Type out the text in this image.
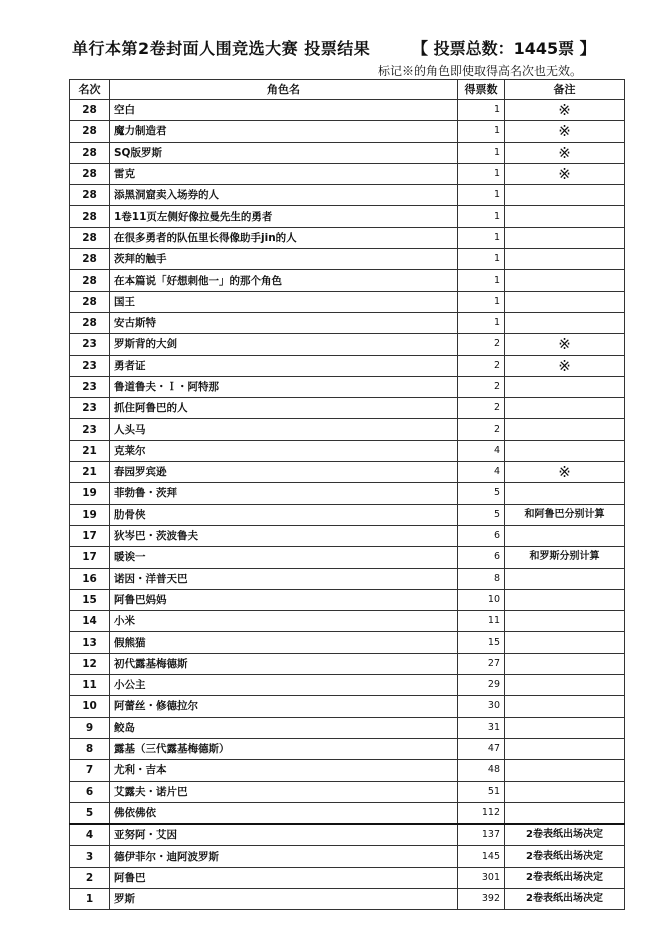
单行本第2卷封面人围竞选大赛 投票结果	【 投票总数：1445票 】
标记※的角色即使取得高名次也无效。
名次	角色名	得票数	备注
28	空白	1	※
28	魔力制造君	1	※
28	SQ版罗斯	1	※
28	雷克	1	※
28	添黑洞窟卖入场券的人	1	
28	1卷11页左侧好像拉曼先生的勇者	1	
28	在很多勇者的队伍里长得像助手jin的人	1	
28	茨拜的触手	1	
28	在本篇说「好想刺他一」的那个角色	1	
28	国王	1	
28	安古斯特	1	
23	罗斯背的大剑	2	※
23	勇者证	2	※
23	鲁道鲁夫・Ｉ・阿特那	2	
23	抓住阿鲁巴的人	2	
23	人头马	2	
21	克莱尔	4	
21	春园罗宾逊	4	※
19	菲勃鲁・茨拜	5	
19	肋骨侠	5	和阿鲁巴分别计算
17	狄岑巴・茨波鲁夫	6	
17	暖诶一	6	和罗斯分别计算
16	诺因・洋普天巴	8	
15	阿鲁巴妈妈	10	
14	小米	11	
13	假熊猫	15	
12	初代露基梅德斯	27	
11	小公主	29	
10	阿蕾丝・修德拉尔	30	
9	鲛岛	31	
8	露基（三代露基梅德斯）	47	
7	尤利・吉本	48	
6	艾露夫・诺片巴	51	
5	佛依佛依	112	
4	亚努阿・艾因	137	2卷表纸出场决定
3	德伊菲尔・迪阿波罗斯	145	2卷表纸出场决定
2	阿鲁巴	301	2卷表纸出场决定
1	罗斯	392	2卷表纸出场决定
